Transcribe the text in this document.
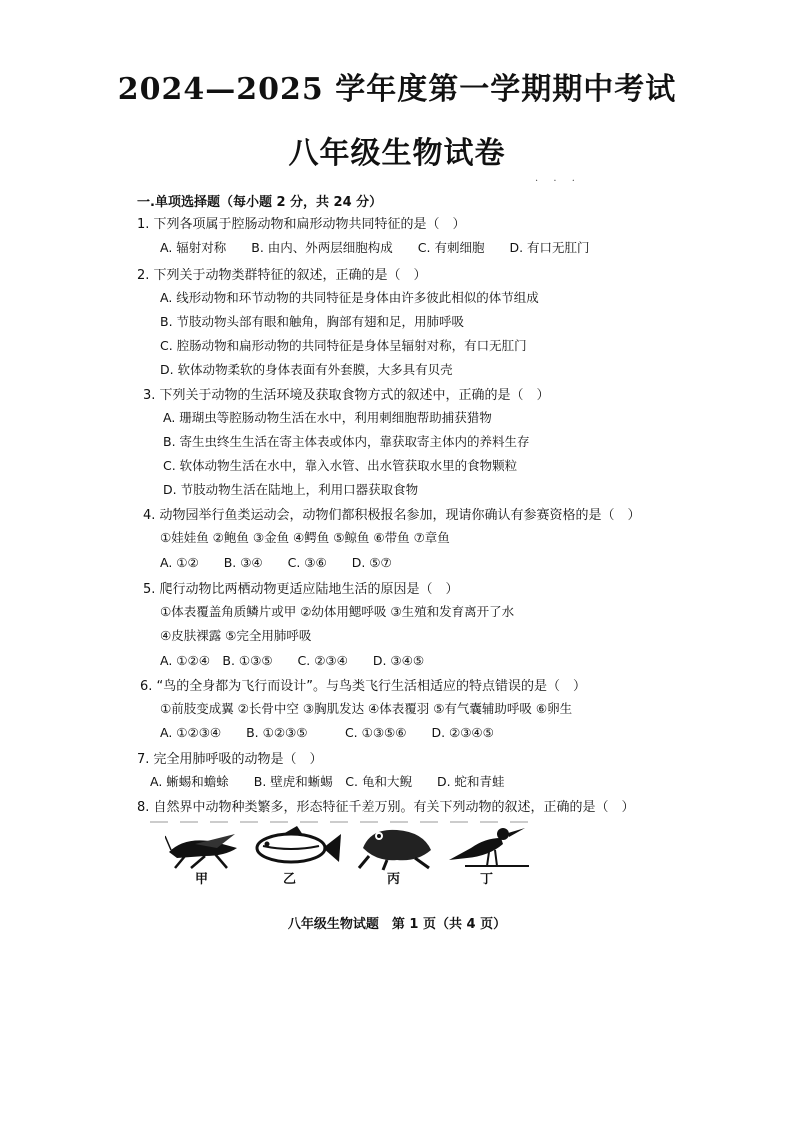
2024—2025 学年度第一学期期中考试
八年级生物试卷
· · ·
一.单项选择题（每小题 2 分，共 24 分）
1. 下列各项属于腔肠动物和扁形动物共同特征的是（　）
A. 辐射对称　　B. 由内、外两层细胞构成　　C. 有刺细胞　　D. 有口无肛门
2. 下列关于动物类群特征的叙述，正确的是（　）
A. 线形动物和环节动物的共同特征是身体由许多彼此相似的体节组成
B. 节肢动物头部有眼和触角，胸部有翅和足，用肺呼吸
C. 腔肠动物和扁形动物的共同特征是身体呈辐射对称，有口无肛门
D. 软体动物柔软的身体表面有外套膜，大多具有贝壳
3. 下列关于动物的生活环境及获取食物方式的叙述中，正确的是（　）
A. 珊瑚虫等腔肠动物生活在水中，利用刺细胞帮助捕获猎物
B. 寄生虫终生生活在寄主体表或体内，靠获取寄主体内的养料生存
C. 软体动物生活在水中，靠入水管、出水管获取水里的食物颗粒
D. 节肢动物生活在陆地上，利用口器获取食物
4. 动物园举行鱼类运动会，动物们都积极报名参加，现请你确认有参赛资格的是（　）
①娃娃鱼 ②鲍鱼 ③金鱼 ④鳄鱼 ⑤鲸鱼 ⑥带鱼 ⑦章鱼
A. ①②　　B. ③④　　C. ③⑥　　D. ⑤⑦
5. 爬行动物比两栖动物更适应陆地生活的原因是（　）
①体表覆盖角质鳞片或甲 ②幼体用鳃呼吸 ③生殖和发育离开了水
④皮肤裸露 ⑤完全用肺呼吸
A. ①②④　B. ①③⑤　　C. ②③④　　D. ③④⑤
6. “鸟的全身都为飞行而设计”。与鸟类飞行生活相适应的特点错误的是（　）
①前肢变成翼 ②长骨中空 ③胸肌发达 ④体表覆羽 ⑤有气囊辅助呼吸 ⑥卵生
A. ①②③④　　B. ①②③⑤　　　C. ①③⑤⑥　　D. ②③④⑤
7. 完全用肺呼吸的动物是（　）
A. 蜥蜴和蟾蜍　　B. 壁虎和蜥蜴　C. 龟和大鲵　　D. 蛇和青蛙
8. 自然界中动物种类繁多，形态特征千差万别。有关下列动物的叙述，正确的是（　）
甲	乙	丙	丁
八年级生物试题　第 1 页（共 4 页）
